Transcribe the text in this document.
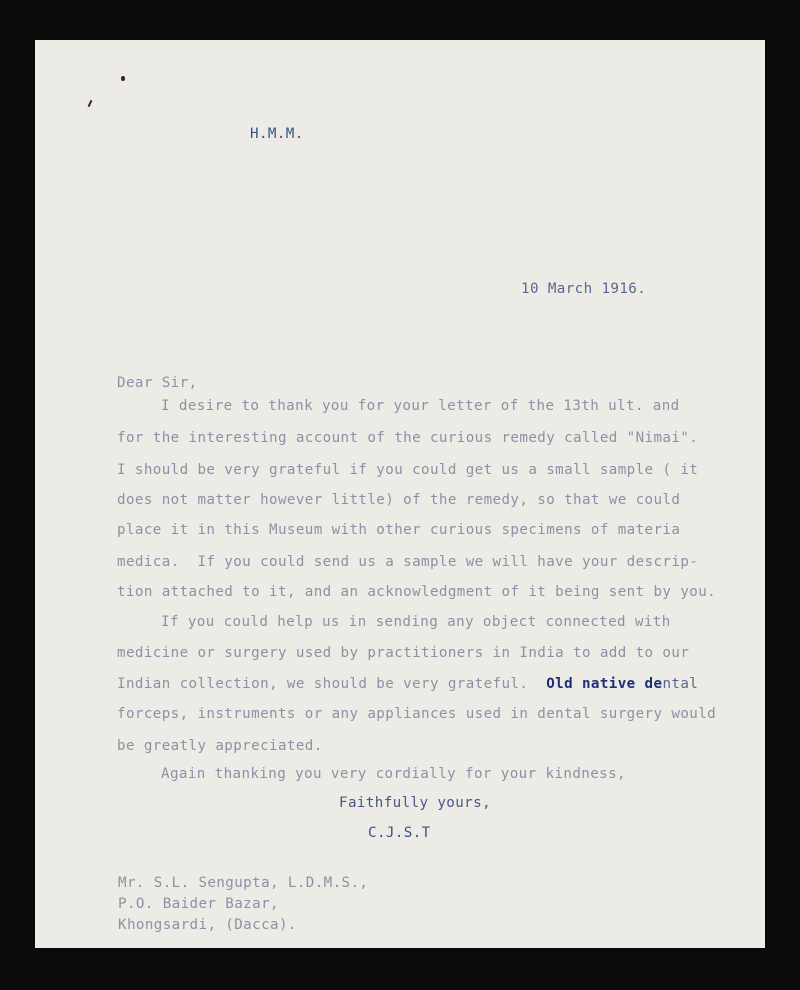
H.M.M.
10 March 1916.
Dear Sir,
I desire to thank you for your letter of the 13th ult. and
for the interesting account of the curious remedy called "Nimai".
I should be very grateful if you could get us a small sample ( it
does not matter however little) of the remedy, so that we could
place it in this Museum with other curious specimens of materia
medica.  If you could send us a sample we will have your descrip-
tion attached to it, and an acknowledgment of it being sent by you.
If you could help us in sending any object connected with
medicine or surgery used by practitioners in India to add to our
Indian collection, we should be very grateful.  Old native dental
forceps, instruments or any appliances used in dental surgery would
be greatly appreciated.
Again thanking you very cordially for your kindness,
Faithfully yours,
C.J.S.T
Mr. S.L. Sengupta, L.D.M.S.,
P.O. Baider Bazar,
Khongsardi, (Dacca).
